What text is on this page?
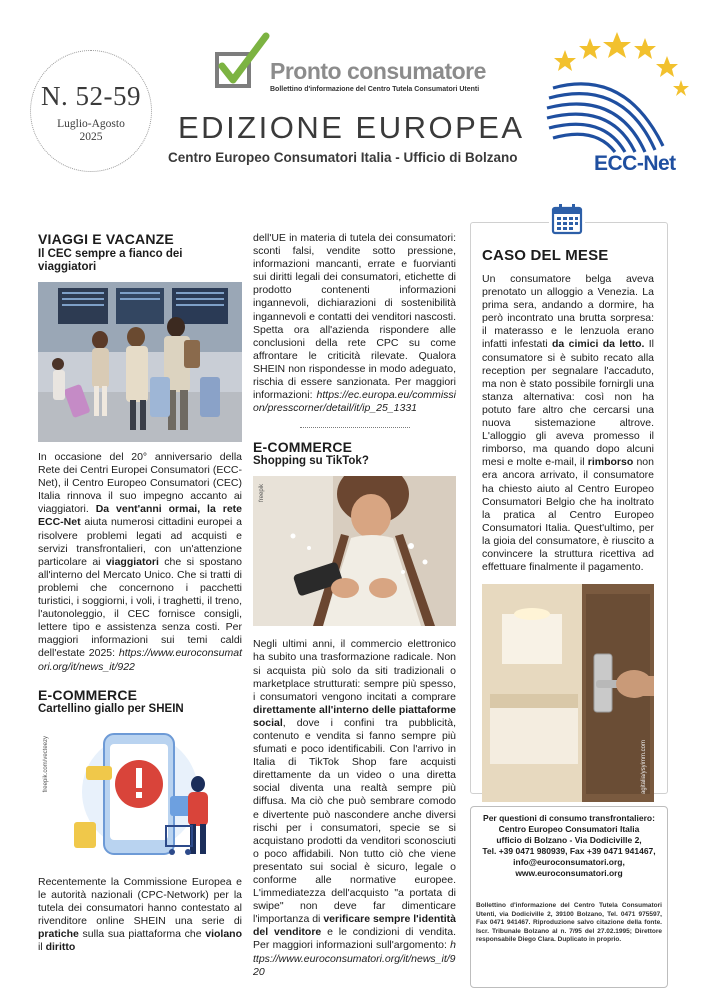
N. 52-59
Luglio-Agosto
2025
Pronto consumatore
Bollettino d'informazione del Centro Tutela Consumatori Utenti
EDIZIONE EUROPEA
Centro Europeo Consumatori Italia - Ufficio di Bolzano	ECC-Net
VIAGGI E VACANZE
Il CEC sempre a fianco dei viaggiatori

In occasione del 20° anniversario della Rete dei Centri Europei Consumatori (ECC-Net), il Centro Europeo Consumatori (CEC) Italia rinnova il suo impegno accanto ai viaggiatori. Da vent'anni ormai, la rete ECC-Net aiuta numerosi cittadini europei a risolvere problemi legati ad acquisti e servizi transfrontalieri, con un'attenzione particolare ai viaggiatori che si spostano all'interno del Mercato Unico. Che si tratti di problemi che concernono i pacchetti turistici, i soggiorni, i voli, i traghetti, il treno, l'autonoleggio, il CEC fornisce consigli, lettere tipo e assistenza senza costi. Per maggiori informazioni sui temi caldi dell'estate 2025: https://www.euroconsumatori.org/it/news_it/922

E-COMMERCE
Cartellino giallo per SHEIN
freepik.com/vecteezy

Recentemente la Commissione Europea e le autorità nazionali (CPC-Network) per la tutela dei consumatori hanno contestato al rivenditore online SHEIN una serie di pratiche sulla sua piattaforma che violano il diritto

dell'UE in materia di tutela dei consumatori: sconti falsi, vendite sotto pressione, informazioni mancanti, errate e fuorvianti sui diritti legali dei consumatori, etichette di prodotto contenenti informazioni ingannevoli, dichiarazioni di sostenibilità ingannevoli e contatti dei venditori nascosti. Spetta ora all'azienda rispondere alle conclusioni della rete CPC su come affrontare le criticità rilevate. Qualora SHEIN non rispondesse in modo adeguato, rischia di essere sanzionata. Per maggiori informazioni: https://ec.europa.eu/commission/presscorner/detail/it/ip_25_1331

E-COMMERCE
Shopping su TikTok?
freepik

Negli ultimi anni, il commercio elettronico ha subito una trasformazione radicale. Non si acquista più solo da siti tradizionali o marketplace strutturati: sempre più spesso, i consumatori vengono incitati a comprare direttamente all'interno delle piattaforme social, dove i confini tra pubblicità, contenuto e vendita si fanno sempre più sfumati e poco identificabili. Con l'arrivo in Italia di TikTok Shop fare acquisti direttamente da un video o una diretta social diventa una realtà sempre più diffusa. Ma ciò che può sembrare comodo e divertente può nascondere anche diversi rischi per i consumatori, specie se si acquistano prodotti da venditori sconosciuti o poco affidabili. Non tutto ciò che viene presentato sui social è sicuro, legale o conforme alle normative europee. L'immediatezza dell'acquisto "a portata di swipe" non deve far dimenticare l'importanza di verificare sempre l'identità del venditore e le condizioni di vendita. Per maggiori informazioni sull'argomento: https://www.euroconsumatori.org/it/news_it/920

CASO DEL MESE

Un consumatore belga aveva prenotato un alloggio a Venezia. La prima sera, andando a dormire, ha però incontrato una brutta sorpresa: il materasso e le lenzuola erano infatti infestati da cimici da letto. Il consumatore si è subito recato alla reception per segnalare l'accaduto, ma non è stato possibile fornirgli una stanza alternativa: così non ha potuto fare altro che cercarsi una nuova sistemazione altrove. L'alloggio gli aveva promesso il rimborso, ma quando dopo alcuni mesi e molte e-mail, il rimborso non era ancora arrivato, il consumatore ha chiesto aiuto al Centro Europeo Consumatori Belgio che ha inoltrato la pratica al Centro Europeo Consumatori Italia. Quest'ultimo, per la gioia del consumatore, è riuscito a convincere la struttura ricettiva ad effettuare finalmente il pagamento.

agitalia/ysyimm.com
Per questioni di consumo transfrontaliero:
Centro Europeo Consumatori Italia
ufficio di Bolzano - Via Dodiciville 2,
Tel. +39 0471 980939, Fax +39 0471 941467,
info@euroconsumatori.org,
www.euroconsumatori.org
Bollettino d'informazione del Centro Tutela Consumatori Utenti, via Dodiciville 2, 39100 Bolzano, Tel. 0471 975597, Fax 0471 941467. Riproduzione salvo citazione della fonte. Iscr. Tribunale Bolzano al n. 7/95 del 27.02.1995; Direttore responsabile Diego Clara. Duplicato in proprio.
